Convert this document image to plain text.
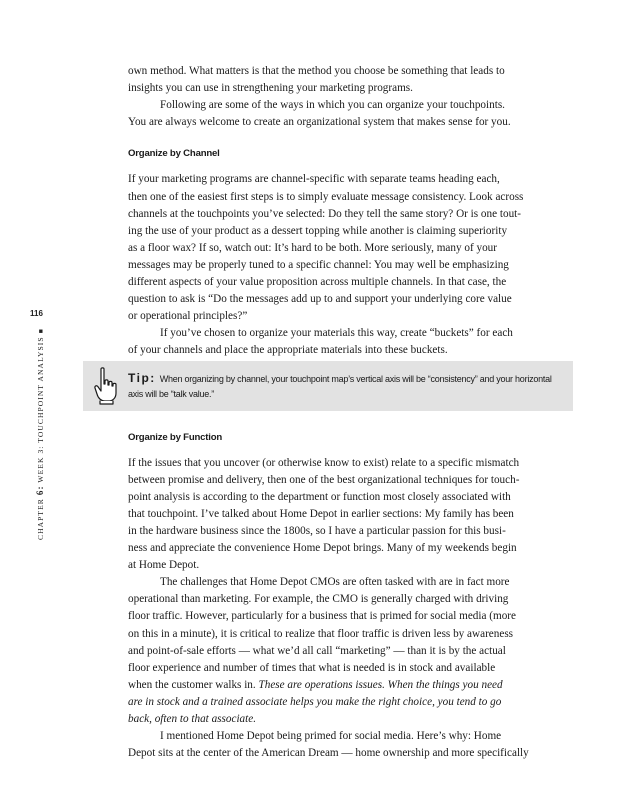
116
CHAPTER 6: WEEK 3: TOUCHPOINT ANALYSIS ■
own method. What matters is that the method you choose be something that leads to
insights you can use in strengthening your marketing programs.
Following are some of the ways in which you can organize your touchpoints.
You are always welcome to create an organizational system that makes sense for you.
Organize by Channel
If your marketing programs are channel-specific with separate teams heading each,
then one of the easiest first steps is to simply evaluate message consistency. Look across
channels at the touchpoints you’ve selected: Do they tell the same story? Or is one tout-
ing the use of your product as a dessert topping while another is claiming superiority
as a floor wax? If so, watch out: It’s hard to be both. More seriously, many of your
messages may be properly tuned to a specific channel: You may well be emphasizing
different aspects of your value proposition across multiple channels. In that case, the
question to ask is “Do the messages add up to and support your underlying core value
or operational principles?”
If you’ve chosen to organize your materials this way, create “buckets” for each
of your channels and place the appropriate materials into these buckets.
Organize by Function
If the issues that you uncover (or otherwise know to exist) relate to a specific mismatch
between promise and delivery, then one of the best organizational techniques for touch-
point analysis is according to the department or function most closely associated with
that touchpoint. I’ve talked about Home Depot in earlier sections: My family has been
in the hardware business since the 1800s, so I have a particular passion for this busi-
ness and appreciate the convenience Home Depot brings. Many of my weekends begin
at Home Depot.
The challenges that Home Depot CMOs are often tasked with are in fact more
operational than marketing. For example, the CMO is generally charged with driving
floor traffic. However, particularly for a business that is primed for social media (more
on this in a minute), it is critical to realize that floor traffic is driven less by awareness
and point-of-sale efforts — what we’d all call “marketing” — than it is by the actual
floor experience and number of times that what is needed is in stock and available
when the customer walks in. These are operations issues. When the things you need
are in stock and a trained associate helps you make the right choice, you tend to go
back, often to that associate.
I mentioned Home Depot being primed for social media. Here’s why: Home
Depot sits at the center of the American Dream — home ownership and more specifically
Tip: When organizing by channel, your touchpoint map’s vertical axis will be “consistency” and your horizontal
axis will be “talk value.”
